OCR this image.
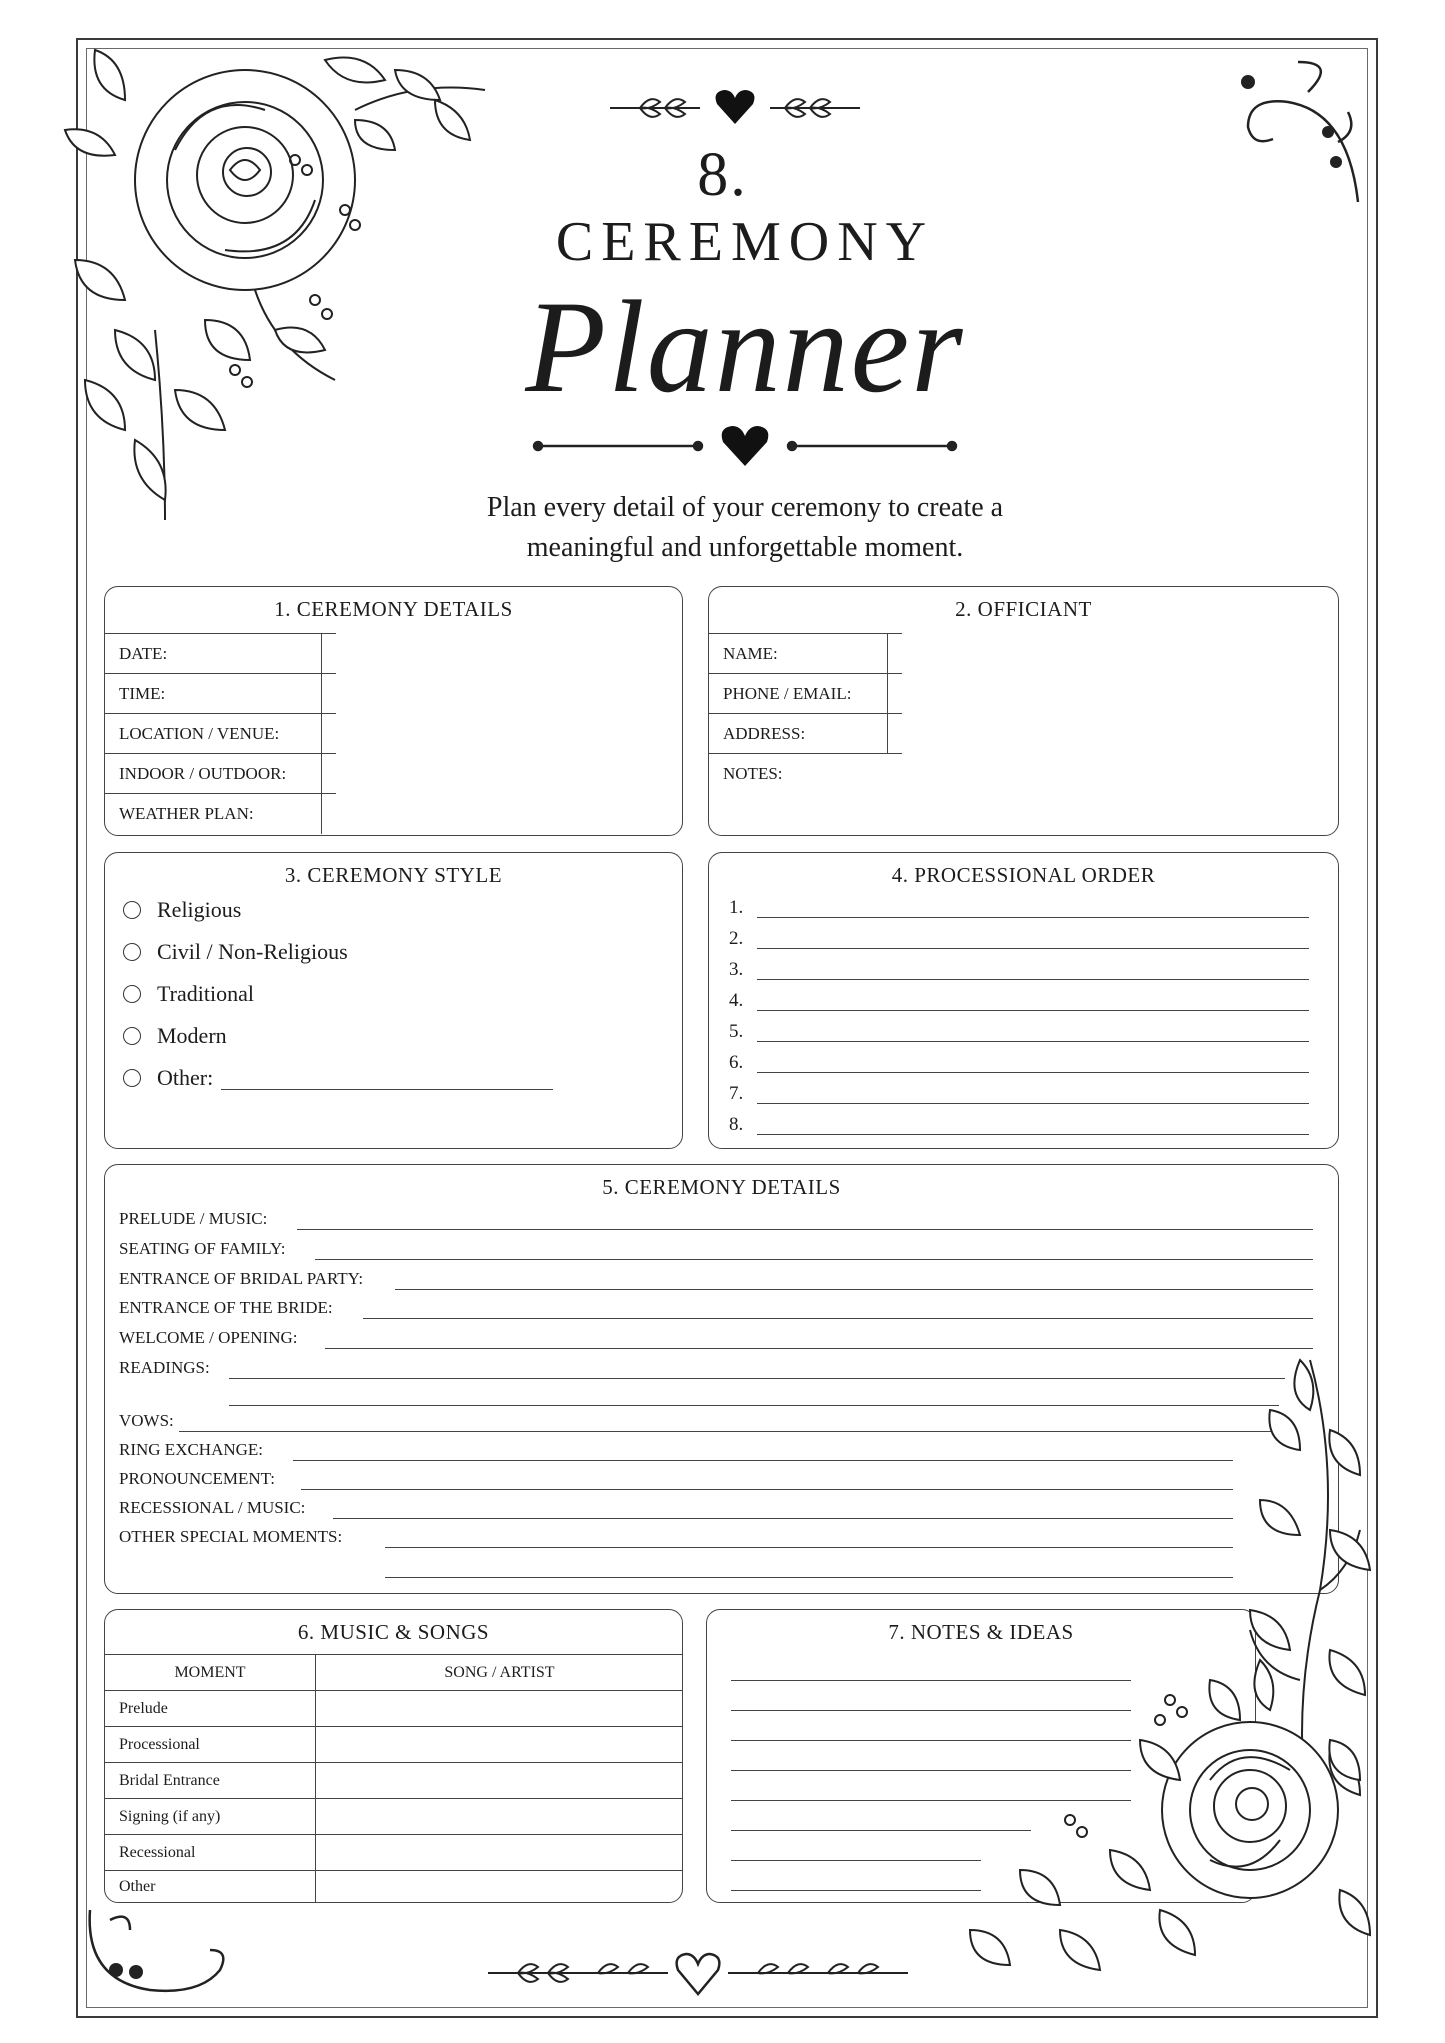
8.
CEREMONY
Planner
Plan every detail of your ceremony to create a
meaningful and unforgettable moment.
1. CEREMONY DETAILS
DATE:	
TIME:	
LOCATION / VENUE:	
INDOOR / OUTDOOR:	
WEATHER PLAN:	
2. OFFICIANT
NAME:	
PHONE / EMAIL:	
ADDRESS:	
NOTES:	
3. CEREMONY STYLE
Religious
Civil / Non-Religious
Traditional
Modern
Other:
4. PROCESSIONAL ORDER
1.
2.
3.
4.
5.
6.
7.
8.
5. CEREMONY DETAILS
PRELUDE / MUSIC:
SEATING OF FAMILY:
ENTRANCE OF BRIDAL PARTY:
ENTRANCE OF THE BRIDE:
WELCOME / OPENING:
READINGS:
VOWS:
RING EXCHANGE:
PRONOUNCEMENT:
RECESSIONAL / MUSIC:
OTHER SPECIAL MOMENTS:
6. MUSIC & SONGS
MOMENT	SONG / ARTIST
Prelude
Processional
Bridal Entrance
Signing (if any)
Recessional
Other
7. NOTES & IDEAS
